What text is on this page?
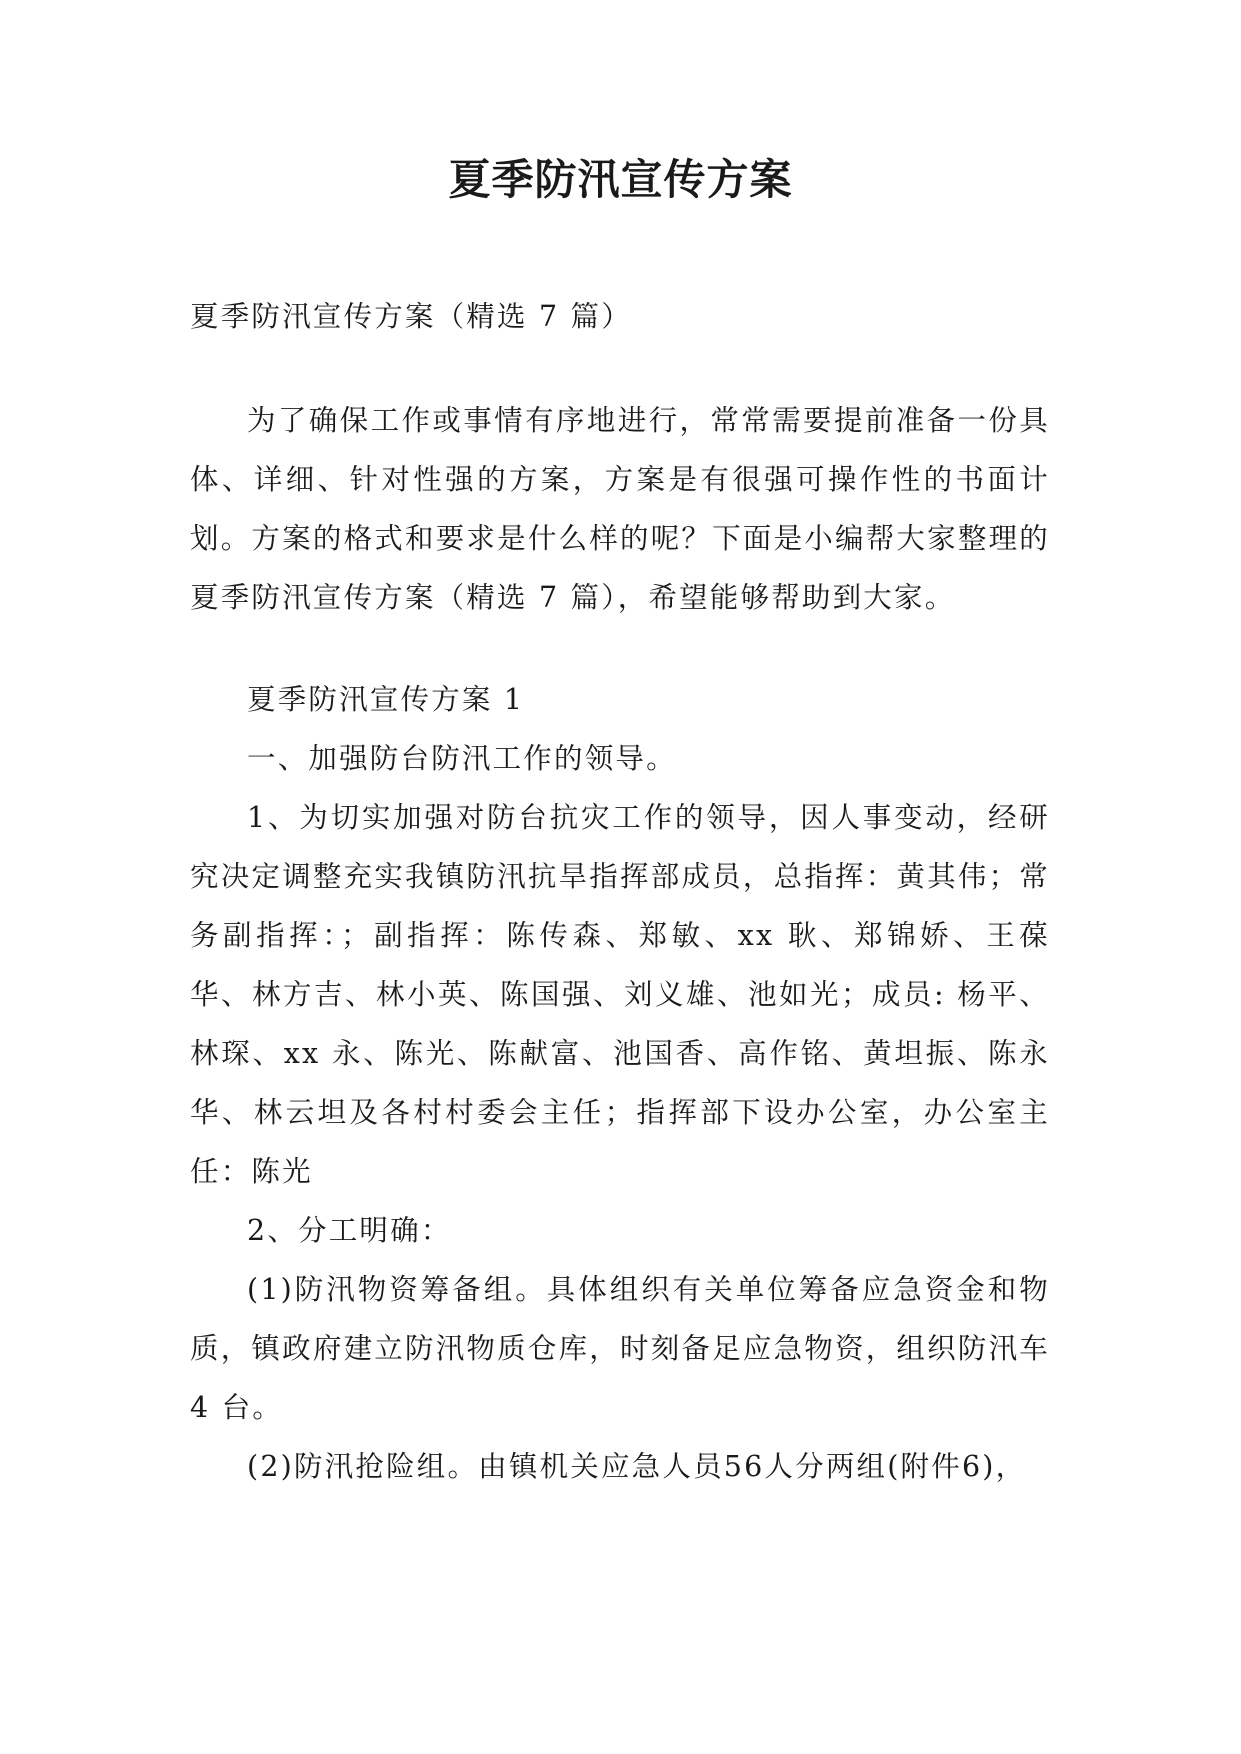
夏季防汛宣传方案

夏季防汛宣传方案（精选 7 篇）

为了确保工作或事情有序地进行，常常需要提前准备一份具体、详细、针对性强的方案，方案是有很强可操作性的书面计划。方案的格式和要求是什么样的呢？下面是小编帮大家整理的夏季防汛宣传方案（精选 7 篇），希望能够帮助到大家。

夏季防汛宣传方案 1

一、加强防台防汛工作的领导。

1、为切实加强对防台抗灾工作的领导，因人事变动，经研究决定调整充实我镇防汛抗旱指挥部成员，总指挥：黄其伟；常务副指挥：；副指挥：陈传森、郑敏、xx 耿、郑锦娇、王葆华、林方吉、林小英、陈国强、刘义雄、池如光；成员: 杨平、林琛、xx 永、陈光、陈献富、池国香、高作铭、黄坦振、陈永华、林云坦及各村村委会主任；指挥部下设办公室，办公室主任：陈光

2、分工明确：

(1)防汛物资筹备组。具体组织有关单位筹备应急资金和物质，镇政府建立防汛物质仓库，时刻备足应急物资，组织防汛车 4 台。

(2)防汛抢险组。由镇机关应急人员56人分两组(附件6)，
